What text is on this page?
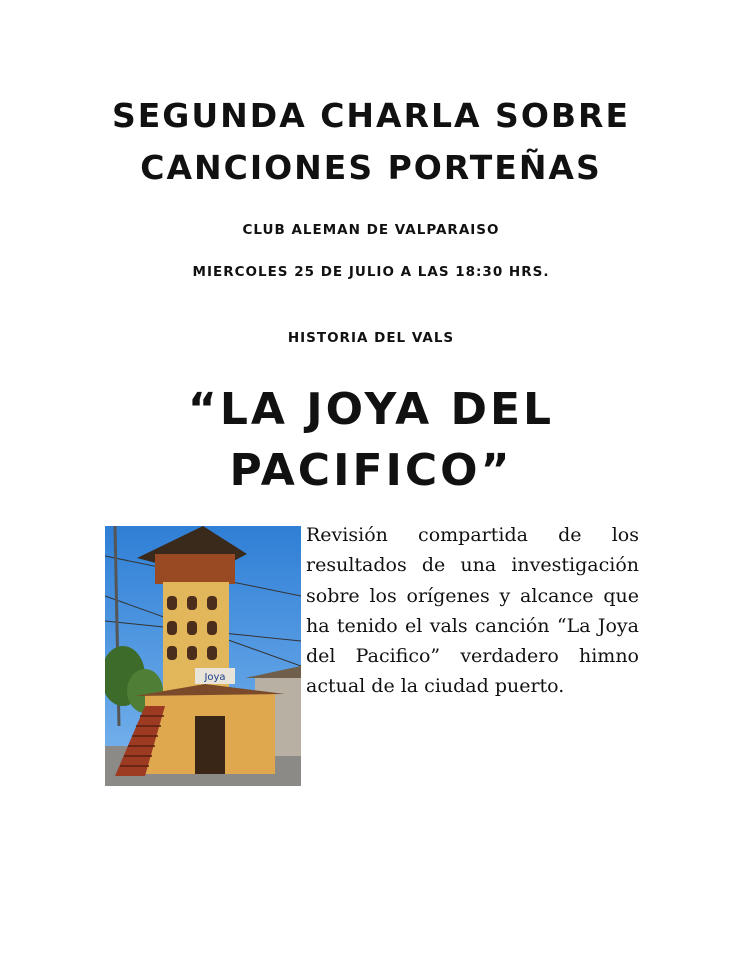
SEGUNDA CHARLA SOBRE
CANCIONES PORTEÑAS
CLUB ALEMAN DE VALPARAISO
MIERCOLES 25 DE JULIO A LAS 18:30 HRS.
HISTORIA DEL VALS
“LA JOYA DEL
PACIFICO”
Joya
Revisión compartida de los resultados de una investigación sobre los orígenes y alcance que ha tenido el vals canción “La Joya del Pacifico” verdadero himno actual de la ciudad puerto.
